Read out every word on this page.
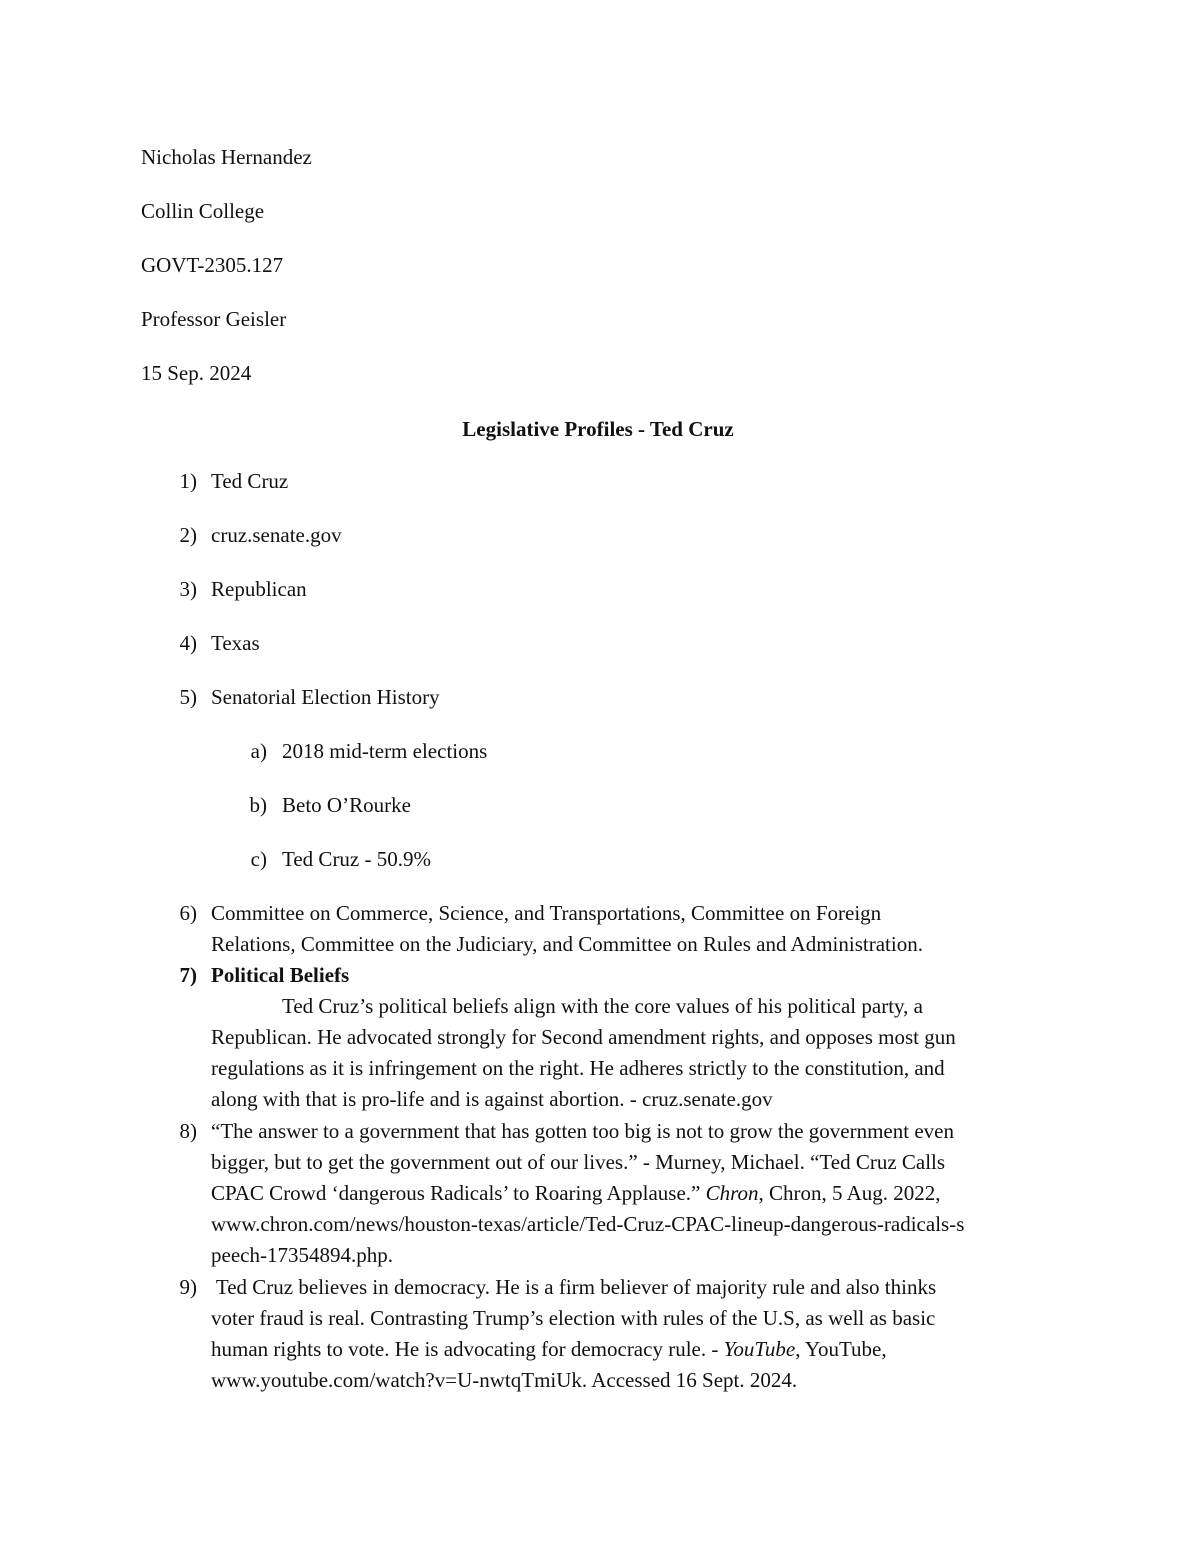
Nicholas Hernandez
Collin College
GOVT-2305.127
Professor Geisler
15 Sep. 2024
Legislative Profiles - Ted Cruz
1) Ted Cruz
2) cruz.senate.gov
3) Republican
4) Texas
5) Senatorial Election History
a) 2018 mid-term elections
b) Beto O’Rourke
c) Ted Cruz - 50.9%
6) Committee on Commerce, Science, and Transportations, Committee on Foreign
Relations, Committee on the Judiciary, and Committee on Rules and Administration.
7) Political Beliefs
Ted Cruz’s political beliefs align with the core values of his political party, a
Republican. He advocated strongly for Second amendment rights, and opposes most gun
regulations as it is infringement on the right. He adheres strictly to the constitution, and
along with that is pro-life and is against abortion. - cruz.senate.gov
8) “The answer to a government that has gotten too big is not to grow the government even
bigger, but to get the government out of our lives.” - Murney, Michael. “Ted Cruz Calls
CPAC Crowd ‘dangerous Radicals’ to Roaring Applause.” Chron, Chron, 5 Aug. 2022,
www.chron.com/news/houston-texas/article/Ted-Cruz-CPAC-lineup-dangerous-radicals-s
peech-17354894.php.
9) Ted Cruz believes in democracy. He is a firm believer of majority rule and also thinks
voter fraud is real. Contrasting Trump’s election with rules of the U.S, as well as basic
human rights to vote. He is advocating for democracy rule. - YouTube, YouTube,
www.youtube.com/watch?v=U-nwtqTmiUk. Accessed 16 Sept. 2024.
